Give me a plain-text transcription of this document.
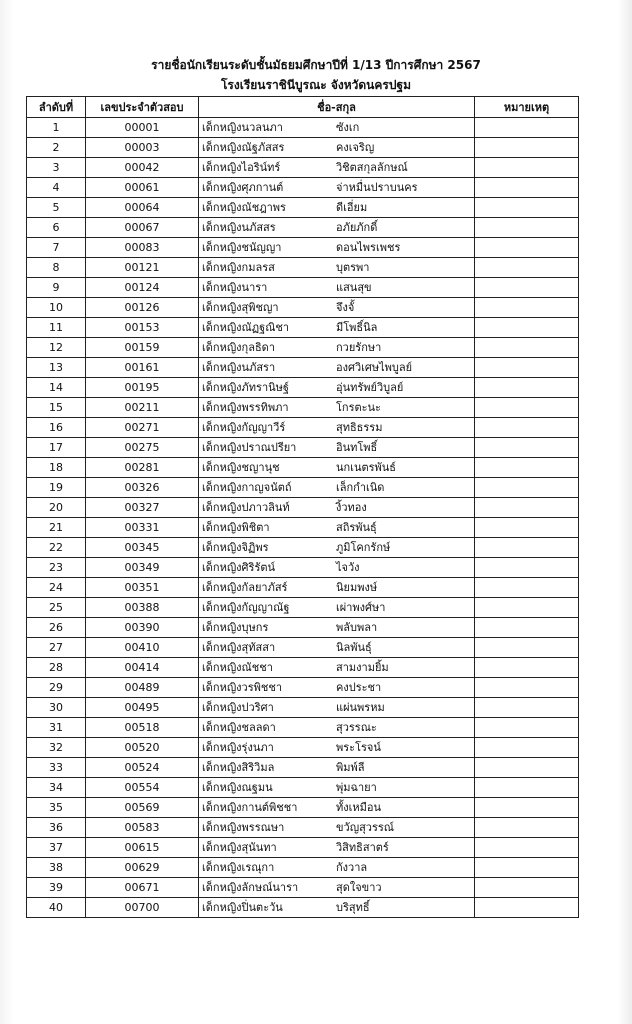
รายชื่อนักเรียนระดับชั้นมัธยมศึกษาปีที่ 1/13 ปีการศึกษา 2567
โรงเรียนราชินีบูรณะ จังหวัดนครปฐม
ลำดับที่	เลขประจำตัวสอบ	ชื่อ-สกุล	หมายเหตุ
1	00001	เด็กหญิงนวลนภา ซังเก	
2	00003	เด็กหญิงณัฐภัสสร คงเจริญ	
3	00042	เด็กหญิงไอริน์ทร์ วิชิตสกุลลักษณ์	
4	00061	เด็กหญิงศุภกานต์ จ่าหมื่นปราบนคร	
5	00064	เด็กหญิงณัชฎาพร ดีเอี่ยม	
6	00067	เด็กหญิงนภัสสร อภัยภักดิ์	
7	00083	เด็กหญิงชนัญญา ดอนไพรเพชร	
8	00121	เด็กหญิงกมลรส บุตรพา	
9	00124	เด็กหญิงนารา แสนสุข	
10	00126	เด็กหญิงสุพิชญา จึงจั้	
11	00153	เด็กหญิงณัฏฐณิชา มีโพธิ์นิล	
12	00159	เด็กหญิงกุลธิดา กวยรักษา	
13	00161	เด็กหญิงนภัสรา องศวิเศษไพบูลย์	
14	00195	เด็กหญิงภัทรานิษฐ์ อุ่นทรัพย์วิบูลย์	
15	00211	เด็กหญิงพรรทิพภา โกรตะนะ	
16	00271	เด็กหญิงกัญญาวีร์ สุทธิธรรม	
17	00275	เด็กหญิงปราณปรียา อินทโพธิ์	
18	00281	เด็กหญิงชญานุช นกเนตรพันธ์	
19	00326	เด็กหญิงกาญจนัตถ์ เล็กกำเนิด	
20	00327	เด็กหญิงปภาวลินท์ งิ้วทอง	
21	00331	เด็กหญิงพิชิตา สถิรพันธุ์	
22	00345	เด็กหญิงจิฏิพร ภูมิโคกรักษ์	
23	00349	เด็กหญิงศิริรัตน์ ไจวัง	
24	00351	เด็กหญิงกัลยาภัสร์ นิยมพงษ์	
25	00388	เด็กหญิงกัญญาณัฐ เผ่าพงศ์ษา	
26	00390	เด็กหญิงบุษกร พลับพลา	
27	00410	เด็กหญิงสุทัสสา นิลพันธุ์	
28	00414	เด็กหญิงณัชชา สามงามยิ้ม	
29	00489	เด็กหญิงวรพิชชา คงประชา	
30	00495	เด็กหญิงปวริศา แผ่นพรหม	
31	00518	เด็กหญิงชลลดา สุวรรณะ	
32	00520	เด็กหญิงรุ่งนภา พระโรจน์	
33	00524	เด็กหญิงสิริวิมล พิมพ์ลี	
34	00554	เด็กหญิงณฐมน พุ่มฉายา	
35	00569	เด็กหญิงกานต์พิชชา ทั้งเหมือน	
36	00583	เด็กหญิงพรรณษา ขวัญสุวรรณ์	
37	00615	เด็กหญิงสุนันทา วิสิทธิสาตร์	
38	00629	เด็กหญิงเรณุกา กังวาล	
39	00671	เด็กหญิงลักษณ์นารา สุดใจขาว	
40	00700	เด็กหญิงปิ่นตะวัน บริสุทธิ์	
